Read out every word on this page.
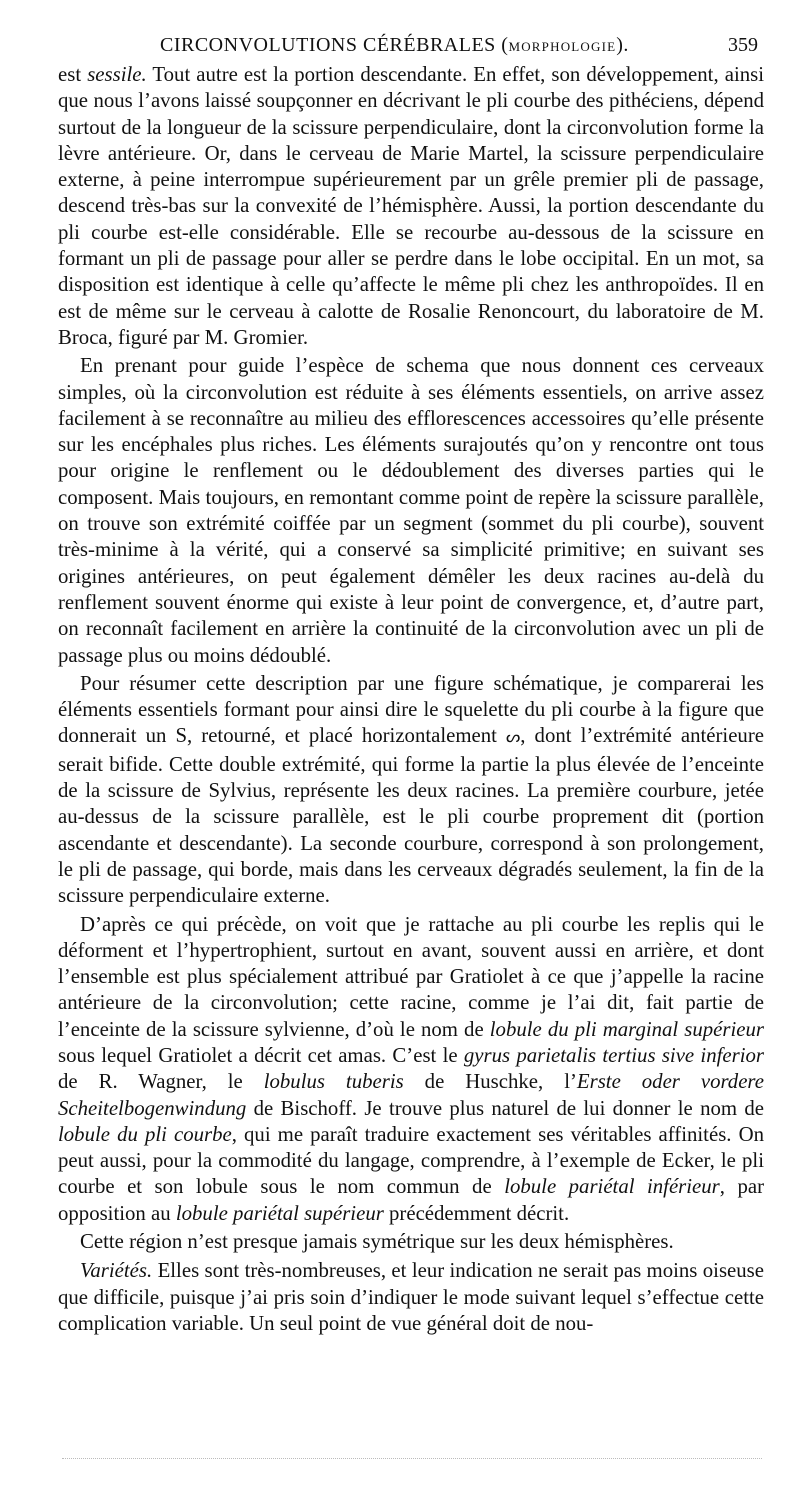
CIRCONVOLUTIONS CÉRÉBRALES (MORPHOLOGIE).	359

est sessile. Tout autre est la portion descendante. En effet, son développement, ainsi que nous l’avons laissé soupçonner en décrivant le pli courbe des pithéciens, dépend surtout de la longueur de la scissure perpendiculaire, dont la circonvolution forme la lèvre antérieure. Or, dans le cerveau de Marie Martel, la scissure perpendiculaire externe, à peine interrompue supérieurement par un grêle premier pli de passage, descend très-bas sur la convexité de l’hémisphère. Aussi, la portion descendante du pli courbe est-elle considérable. Elle se recourbe au-dessous de la scissure en formant un pli de passage pour aller se perdre dans le lobe occipital. En un mot, sa disposition est identique à celle qu’affecte le même pli chez les anthropoïdes. Il en est de même sur le cerveau à calotte de Rosalie Renoncourt, du laboratoire de M. Broca, figuré par M. Gromier.

En prenant pour guide l’espèce de schema que nous donnent ces cerveaux simples, où la circonvolution est réduite à ses éléments essentiels, on arrive assez facilement à se reconnaître au milieu des efflorescences accessoires qu’elle présente sur les encéphales plus riches. Les éléments surajoutés qu’on y rencontre ont tous pour origine le renflement ou le dédoublement des diverses parties qui le composent. Mais toujours, en remontant comme point de repère la scissure parallèle, on trouve son extrémité coiffée par un segment (sommet du pli courbe), souvent très-minime à la vérité, qui a conservé sa simplicité primitive; en suivant ses origines antérieures, on peut également démêler les deux racines au-delà du renflement souvent énorme qui existe à leur point de convergence, et, d’autre part, on reconnaît facilement en arrière la continuité de la circonvolution avec un pli de passage plus ou moins dédoublé.

Pour résumer cette description par une figure schématique, je comparerai les éléments essentiels formant pour ainsi dire le squelette du pli courbe à la figure que donnerait un S, retourné, et placé horizontalement ᔕ, dont l’extrémité antérieure serait bifide. Cette double extrémité, qui forme la partie la plus élevée de l’enceinte de la scissure de Sylvius, représente les deux racines. La première courbure, jetée au-dessus de la scissure parallèle, est le pli courbe proprement dit (portion ascendante et descendante). La seconde courbure, correspond à son prolongement, le pli de passage, qui borde, mais dans les cerveaux dégradés seulement, la fin de la scissure perpendiculaire externe.

D’après ce qui précède, on voit que je rattache au pli courbe les replis qui le déforment et l’hypertrophient, surtout en avant, souvent aussi en arrière, et dont l’ensemble est plus spécialement attribué par Gratiolet à ce que j’appelle la racine antérieure de la circonvolution; cette racine, comme je l’ai dit, fait partie de l’enceinte de la scissure sylvienne, d’où le nom de lobule du pli marginal supérieur sous lequel Gratiolet a décrit cet amas. C’est le gyrus parietalis tertius sive inferior de R. Wagner, le lobulus tuberis de Huschke, l’Erste oder vordere Scheitelbogenwindung de Bischoff. Je trouve plus naturel de lui donner le nom de lobule du pli courbe, qui me paraît traduire exactement ses véritables affinités. On peut aussi, pour la commodité du langage, comprendre, à l’exemple de Ecker, le pli courbe et son lobule sous le nom commun de lobule pariétal inférieur, par opposition au lobule pariétal supérieur précédemment décrit.

Cette région n’est presque jamais symétrique sur les deux hémisphères.

Variétés. Elles sont très-nombreuses, et leur indication ne serait pas moins oiseuse que difficile, puisque j’ai pris soin d’indiquer le mode suivant lequel s’effectue cette complication variable. Un seul point de vue général doit de nou-
